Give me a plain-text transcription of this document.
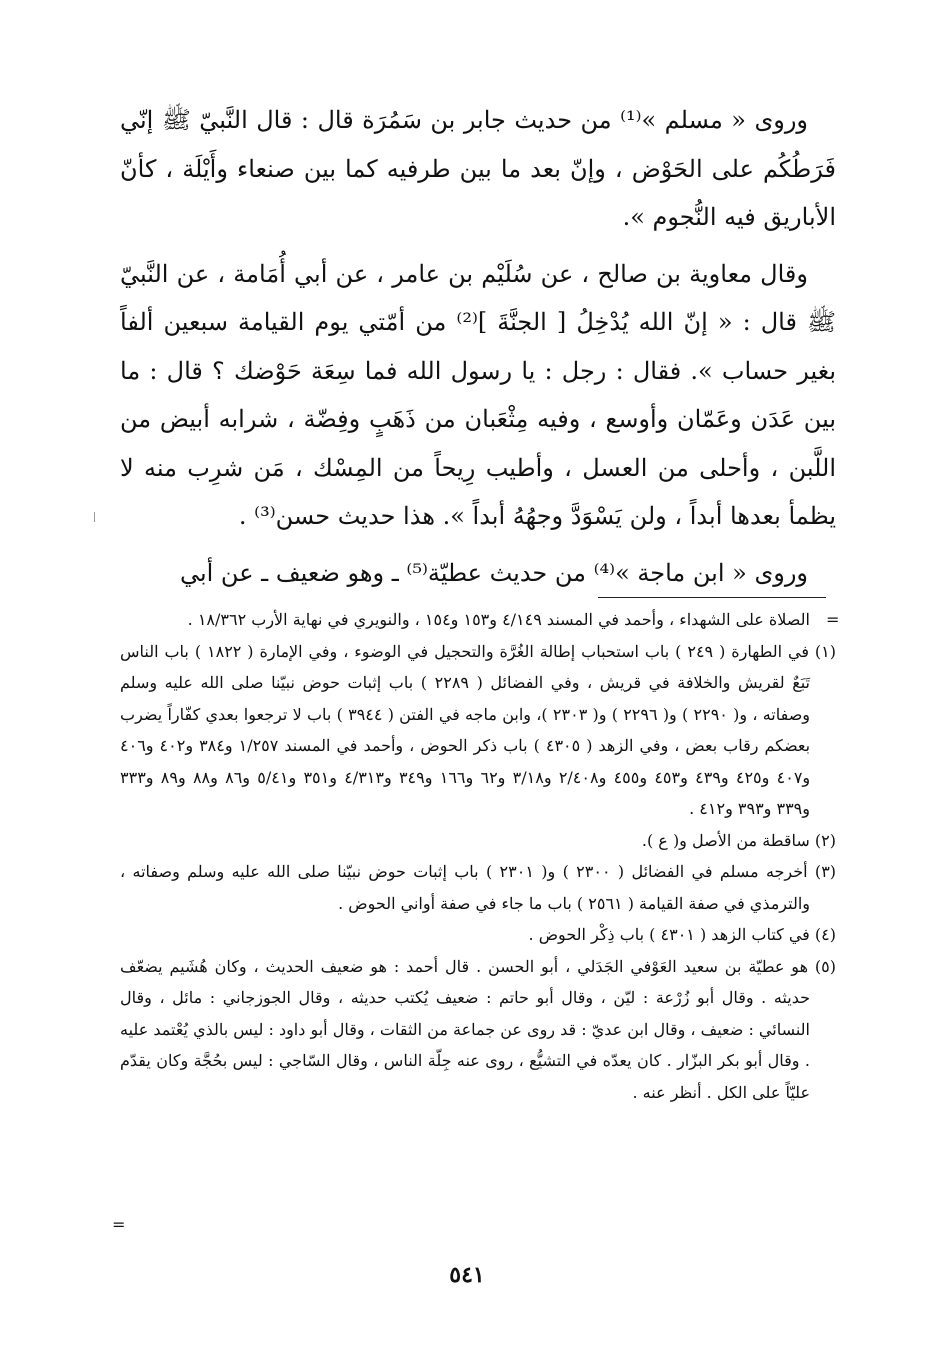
وروى « مسلم »⁽¹⁾ من حديث جابر بن سَمُرَة قال : قال النَّبيّ ﷺ إنّي فَرَطُكُم على الحَوْض ، وإنّ بعد ما بين طرفيه كما بين صنعاء وأَيْلَة ، كأنّ الأباريق فيه النُّجوم ».

وقال معاوية بن صالح ، عن سُلَيْم بن عامر ، عن أبي أُمَامة ، عن النَّبيّ ﷺ قال : « إنّ الله يُدْخِلُ [ الجنَّةَ ]⁽²⁾ من أمّتي يوم القيامة سبعين ألفاً بغير حساب ». فقال : رجل : يا رسول الله فما سِعَة حَوْضك ؟ قال : ما بين عَدَن وعَمّان وأوسع ، وفيه مِثْعَبان من ذَهَبٍ وفِضّة ، شرابه أبيض من اللَّبن ، وأحلى من العسل ، وأطيب رِيحاً من المِسْك ، مَن شرِب منه لا يظمأ بعدها أبداً ، ولن يَسْوَدَّ وجهُهُ أبداً ». هذا حديث حسن⁽³⁾ .

وروى « ابن ماجة »⁽⁴⁾ من حديث عطيّة⁽⁵⁾ ـ وهو ضعيف ـ عن أبي

=

الصلاة على الشهداء ، وأحمد في المسند ٤/١٤٩ و١٥٣ و١٥٤ ، والنويري في نهاية الأرب ١٨/٣٦٢ .

(١) في الطهارة ( ٢٤٩ ) باب استحباب إطالة الغُرَّة والتحجيل في الوضوء ، وفي الإمارة ( ١٨٢٢ ) باب الناس تَبَعٌ لقريش والخلافة في قريش ، وفي الفضائل ( ٢٢٨٩ ) باب إثبات حوض نبيّنا صلى الله عليه وسلم وصفاته ، و( ٢٢٩٠ ) و( ٢٢٩٦ ) و( ٢٣٠٣ )، وابن ماجه في الفتن ( ٣٩٤٤ ) باب لا ترجعوا بعدي كفّاراً يضرب بعضكم رقاب بعض ، وفي الزهد ( ٤٣٠٥ ) باب ذكر الحوض ، وأحمد في المسند ١/٢٥٧ و٣٨٤ و٤٠٢ و٤٠٦ و٤٠٧ و٤٢٥ و٤٣٩ و٤٥٣ و٤٥٥ و٢/٤٠٨ و٣/١٨ و٦٢ و١٦٦ و٣٤٩ و٤/٣١٣ و٣٥١ و٥/٤١ و٨٦ و٨٨ و٨٩ و٣٣٣ و٣٣٩ و٣٩٣ و٤١٢ .

(٢) ساقطة من الأصل و( ع ).

(٣) أخرجه مسلم في الفضائل ( ٢٣٠٠ ) و( ٢٣٠١ ) باب إثبات حوض نبيّنا صلى الله عليه وسلم وصفاته ، والترمذي في صفة القيامة ( ٢٥٦١ ) باب ما جاء في صفة أواني الحوض .

(٤) في كتاب الزهد ( ٤٣٠١ ) باب ذِكْر الحوض .

(٥) هو عطيّة بن سعيد العَوْفي الجَدَلي ، أبو الحسن . قال أحمد : هو ضعيف الحديث ، وكان هُشَيم يضعّف حديثه . وقال أبو زُرْعة : ليّن ، وقال أبو حاتم : ضعيف يُكتب حديثه ، وقال الجوزجاني : مائل ، وقال النسائي : ضعيف ، وقال ابن عديّ : قد روى عن جماعة من الثقات ، وقال أبو داود : ليس بالذي يُعْتمد عليه . وقال أبو بكر البزّار . كان يعدّه في التشيُّع ، روى عنه جِلّة الناس ، وقال السّاجي : ليس بحُجَّة وكان يقدّم عليّاً على الكل . أنظر عنه .

=
٥٤١
